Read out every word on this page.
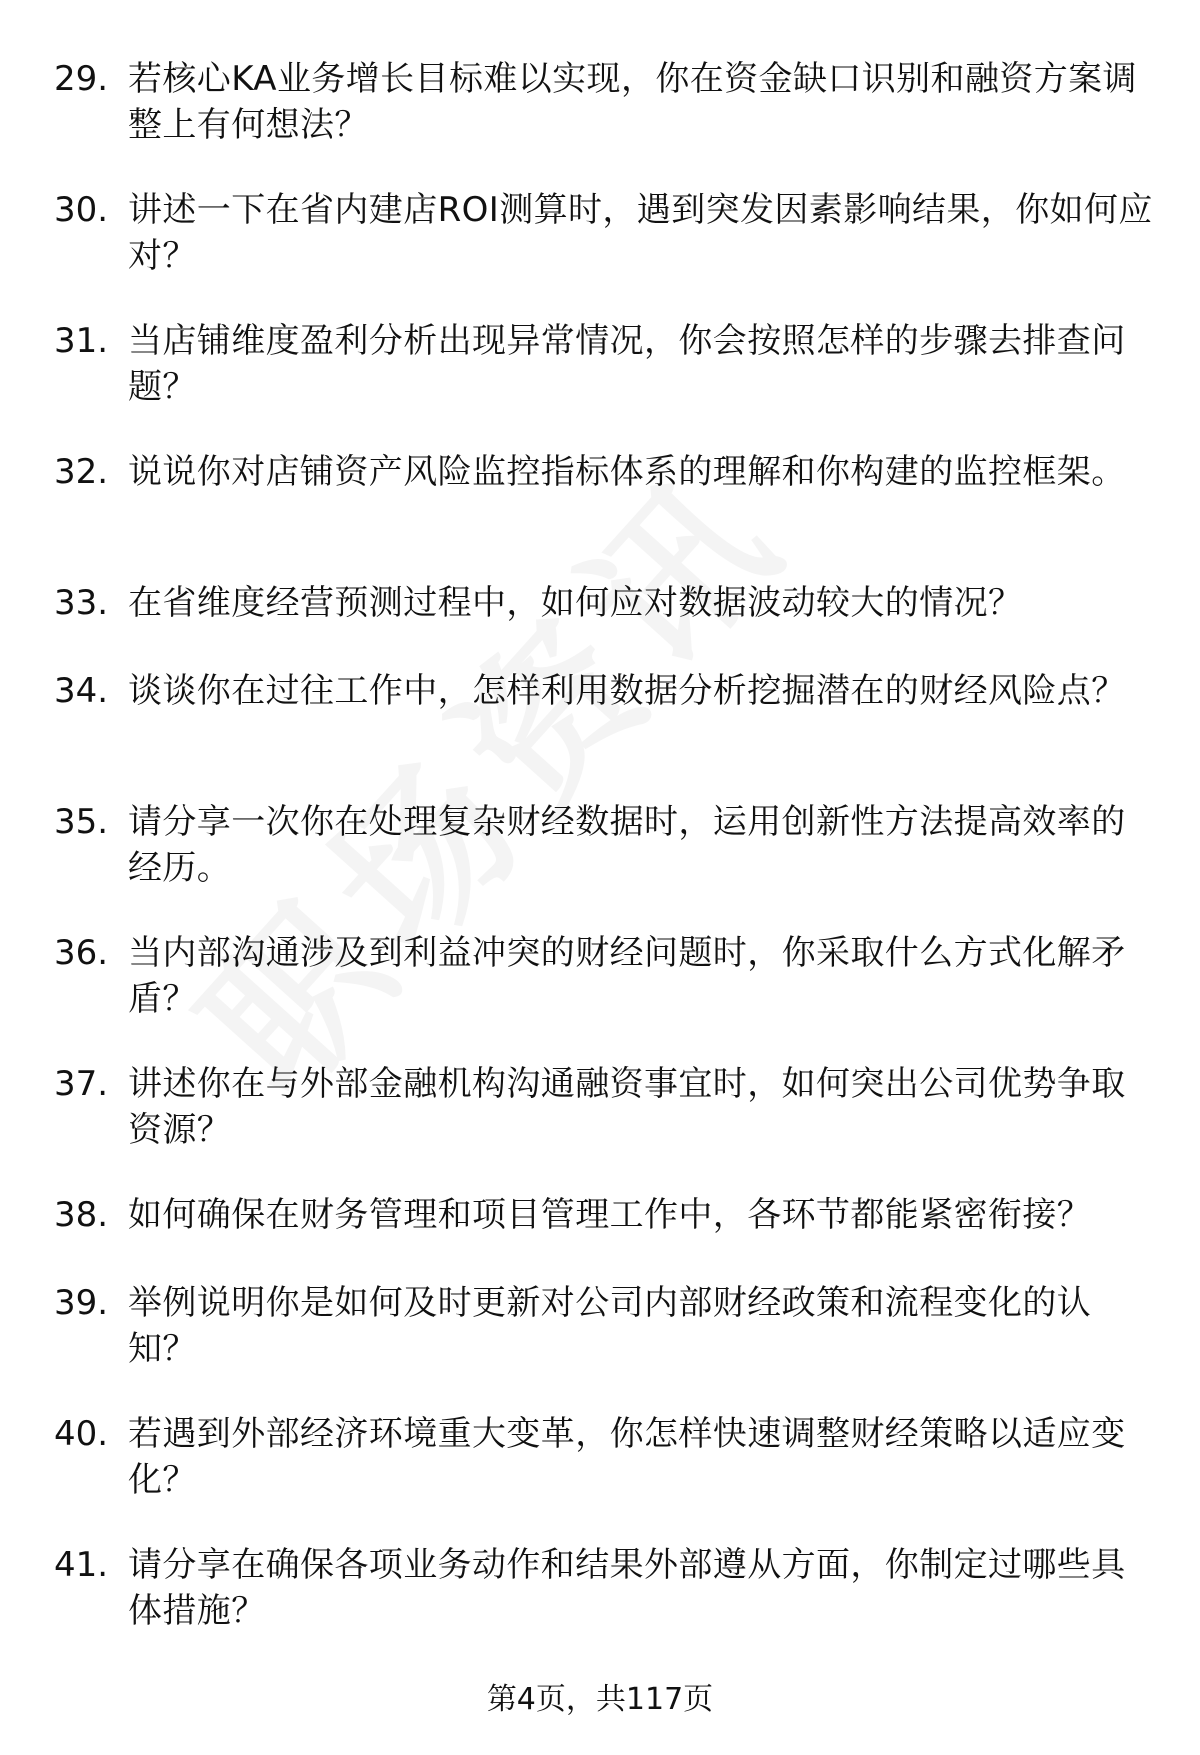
29. 若核心KA业务增长目标难以实现，你在资金缺口识别和融资方案调整上有何想法？
30. 讲述一下在省内建店ROI测算时，遇到突发因素影响结果，你如何应对？
31. 当店铺维度盈利分析出现异常情况，你会按照怎样的步骤去排查问题？
32. 说说你对店铺资产风险监控指标体系的理解和你构建的监控框架。
33. 在省维度经营预测过程中，如何应对数据波动较大的情况？
34. 谈谈你在过往工作中，怎样利用数据分析挖掘潜在的财经风险点？
35. 请分享一次你在处理复杂财经数据时，运用创新性方法提高效率的经历。
36. 当内部沟通涉及到利益冲突的财经问题时，你采取什么方式化解矛盾？
37. 讲述你在与外部金融机构沟通融资事宜时，如何突出公司优势争取资源？
38. 如何确保在财务管理和项目管理工作中，各环节都能紧密衔接？
39. 举例说明你是如何及时更新对公司内部财经政策和流程变化的认知？
40. 若遇到外部经济环境重大变革，你怎样快速调整财经策略以适应变化？
41. 请分享在确保各项业务动作和结果外部遵从方面，你制定过哪些具体措施？
第4页，共117页
